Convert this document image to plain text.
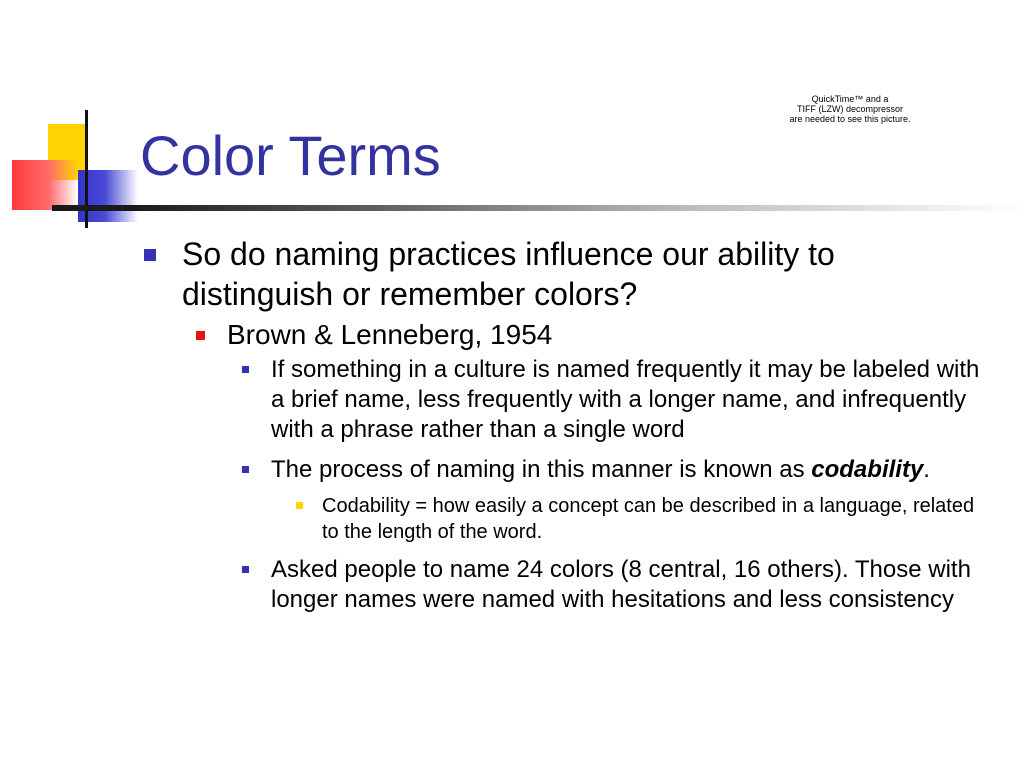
QuickTime™ and a
TIFF (LZW) decompressor
are needed to see this picture.
Color Terms
So do naming practices influence our ability to distinguish or remember colors?
Brown & Lenneberg, 1954
If something in a culture is named frequently it may be labeled with a brief name, less frequently with a longer name, and infrequently with a phrase rather than a single word
The process of naming in this manner is known as codability.
Codability = how easily a concept can be described in a language, related to the length of the word.
Asked people to name 24 colors (8 central, 16 others). Those with longer names were named with hesitations and less consistency
